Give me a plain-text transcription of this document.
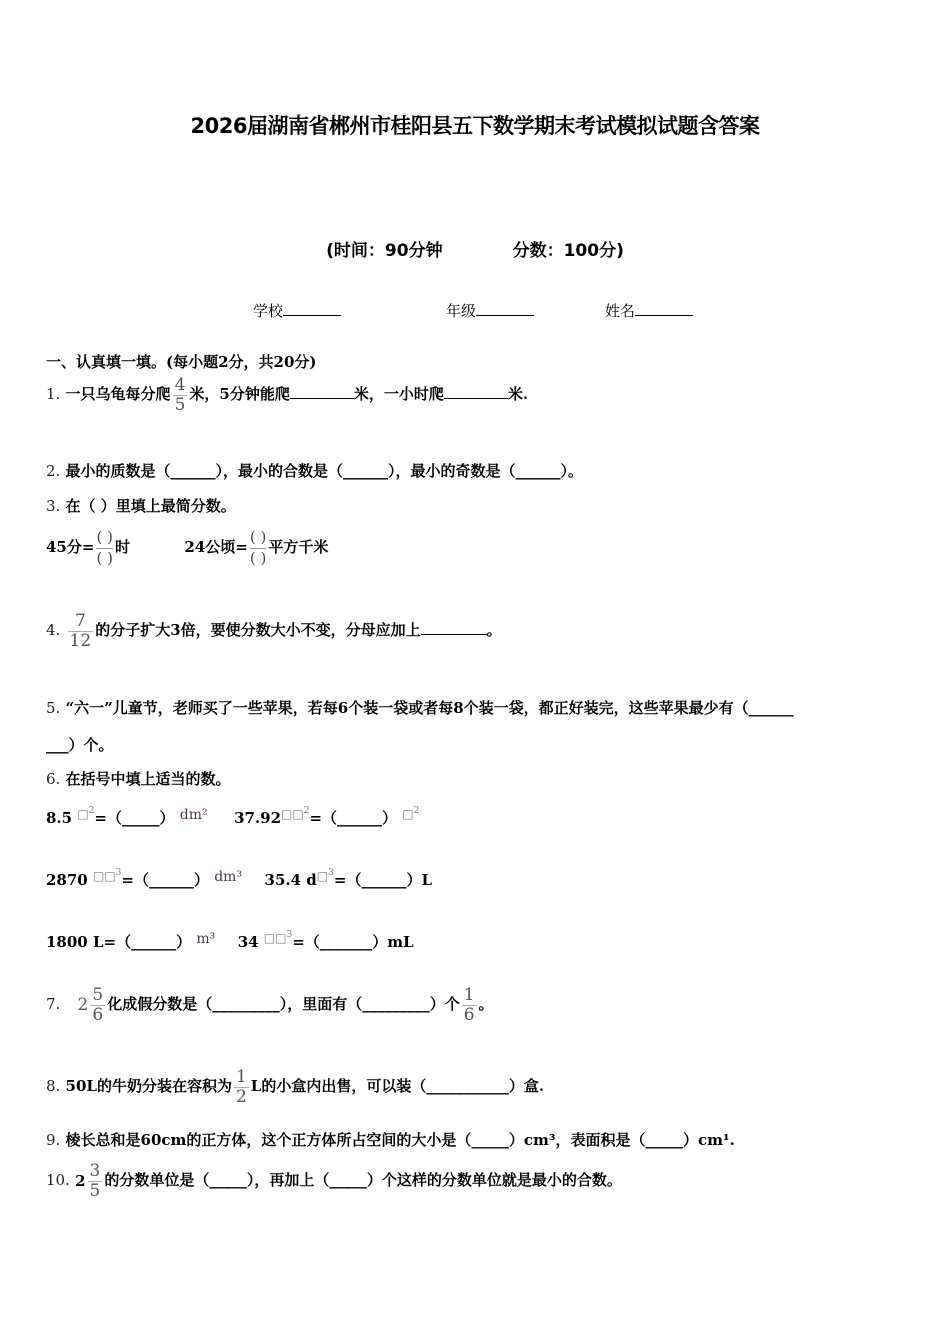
2026届湖南省郴州市桂阳县五下数学期末考试模拟试题含答案
(时间：90分钟	分数：100分)
学校	年级	姓名
一、认真填一填。(每小题2分，共20分)
1. 一只乌龟每分爬 $\frac{4}{5}$ 米，5分钟能爬	米，一小时爬	米.
2. 最小的质数是（______），最小的合数是（______），最小的奇数是（______）。
3. 在（ ）里填上最简分数。
45分=
( )
( )
时	24公顷=
( )
( )
平方千米
4. $\frac{7}{12}$ 的分子扩大3倍，要使分数大小不变，分母应加上	。
5. “六一”儿童节，老师买了一些苹果，若每6个装一袋或者每8个装一袋，都正好装完，这些苹果最少有（______
___）个。
6. 在括号中填上适当的数。
8.5 $^{□^2}$=（_____） dm² $37.92^{□□^2}=(\_\_\_\_\_\_)$ $^{□^2}$
2870 $^{□□^3}$=（______） dm³ 35.4 $d^{□^3}=(\_\_\_\_\_\_)L$
1800 L=（______） m³ 34 $^{□□^3}$=（_______）mL
7. $2 \frac{5}{6}$ 化成假分数是（_________），里面有（_________）个 $\frac{1}{6}$ 。
8. 50L的牛奶分装在容积为 $\frac{1}{2}$ L的小盒内出售，可以装（___________）盒.
9. 棱长总和是60cm的正方体，这个正方体所占空间的大小是（_____）cm³，表面积是（_____）cm¹.
10. $2 \frac{3}{5}$ 的分数单位是（_____），再加上（_____）个这样的分数单位就是最小的合数。
